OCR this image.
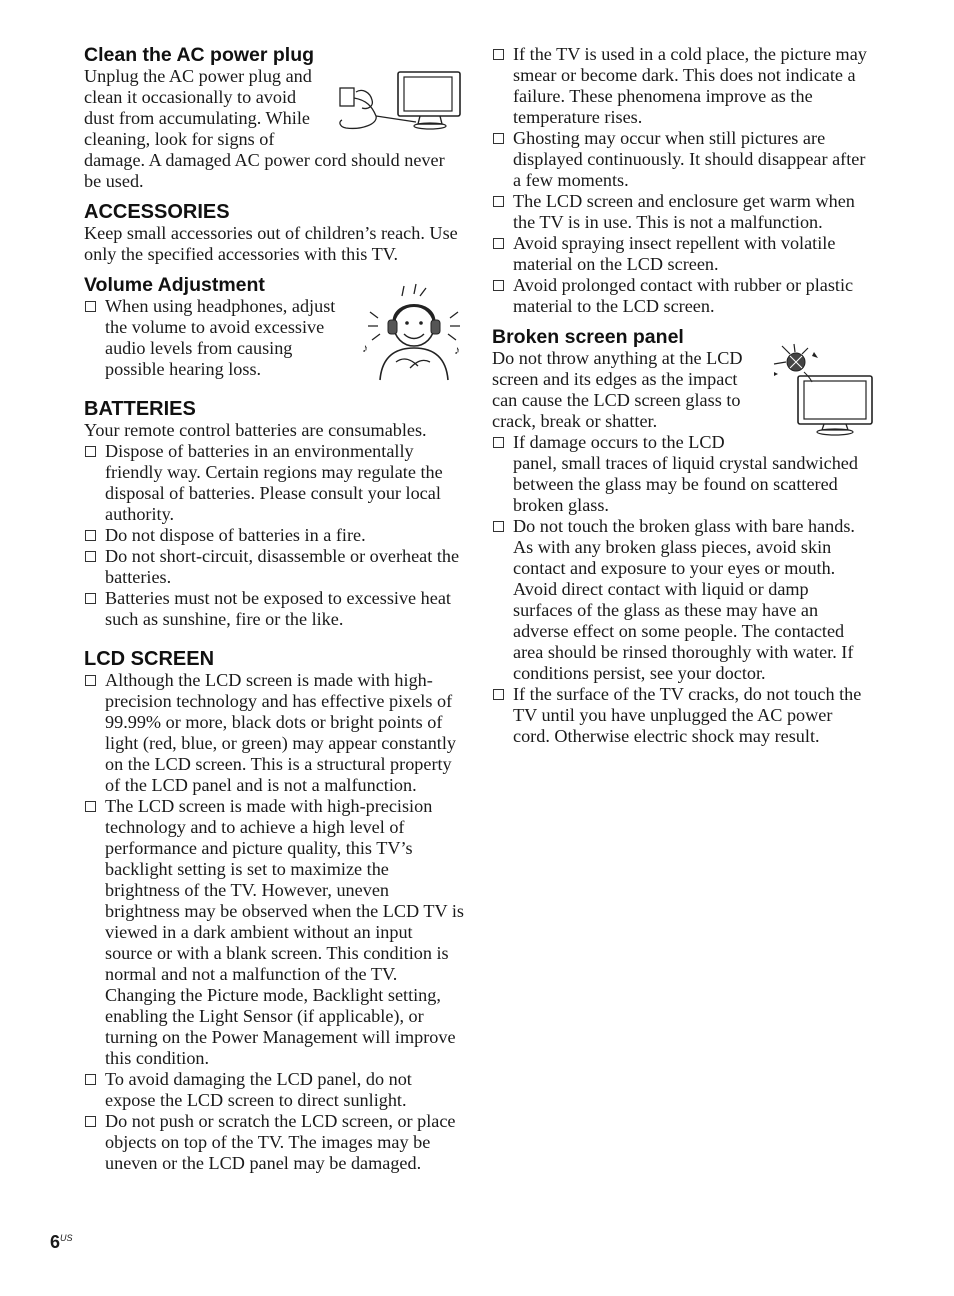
Clean the AC power plug

Unplug the AC power plug and clean it occasionally to avoid dust from accumulating. While cleaning, look for signs of damage. A damaged AC power cord should never be used.

ACCESSORIES

Keep small accessories out of children’s reach. Use only the specified accessories with this TV.

Volume Adjustment
♪	♪
When using headphones, adjust the volume to avoid excessive audio levels from causing possible hearing loss.
BATTERIES

Your remote control batteries are consumables.

Dispose of batteries in an environmentally friendly way. Certain regions may regulate the disposal of batteries. Please consult your local authority.
Do not dispose of batteries in a fire.
Do not short-circuit, disassemble or overheat the batteries.
Batteries must not be exposed to excessive heat such as sunshine, fire or the like.
LCD SCREEN
Although the LCD screen is made with high-precision technology and has effective pixels of 99.99% or more, black dots or bright points of light (red, blue, or green) may appear constantly on the LCD screen. This is a structural property of the LCD panel and is not a malfunction.
The LCD screen is made with high-precision technology and to achieve a high level of performance and picture quality, this TV’s backlight setting is set to maximize the brightness of the TV. However, uneven brightness may be observed when the LCD TV is viewed in a dark ambient without an input source or with a blank screen. This condition is normal and not a malfunction of the TV. Changing the Picture mode, Backlight setting, enabling the Light Sensor (if applicable), or turning on the Power Management will improve this condition.
To avoid damaging the LCD panel, do not expose the LCD screen to direct sunlight.
Do not push or scratch the LCD screen, or place objects on top of the TV. The images may be uneven or the LCD panel may be damaged.
If the TV is used in a cold place, the picture may smear or become dark. This does not indicate a failure. These phenomena improve as the temperature rises.
Ghosting may occur when still pictures are displayed continuously. It should disappear after a few moments.
The LCD screen and enclosure get warm when the TV is in use. This is not a malfunction.
Avoid spraying insect repellent with volatile material on the LCD screen.
Avoid prolonged contact with rubber or plastic material to the LCD screen.
Broken screen panel

Do not throw anything at the LCD screen and its edges as the impact can cause the LCD screen glass to crack, break or shatter.

If damage occurs to the LCD panel, small traces of liquid crystal sandwiched between the glass may be found on scattered broken glass.
Do not touch the broken glass with bare hands. As with any broken glass pieces, avoid skin contact and exposure to your eyes or mouth. Avoid direct contact with liquid or damp surfaces of the glass as these may have an adverse effect on some people. The contacted area should be rinsed thoroughly with water. If conditions persist, see your doctor.
If the surface of the TV cracks, do not touch the TV until you have unplugged the AC power cord. Otherwise electric shock may result.
$6^{US}$
